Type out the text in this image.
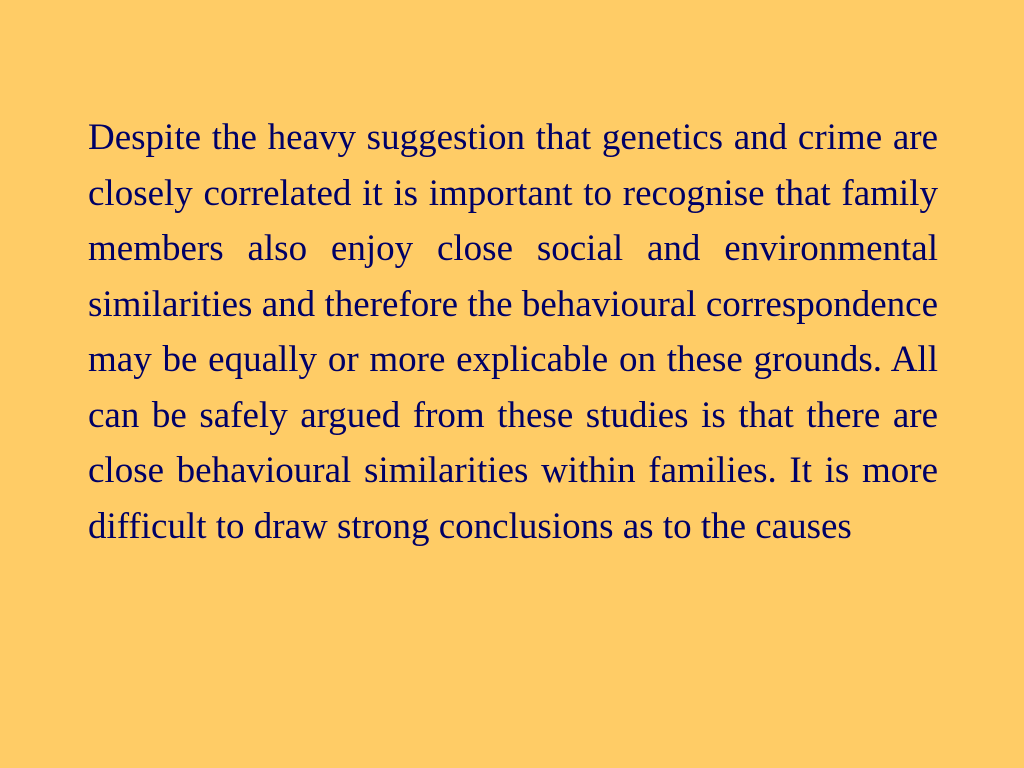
Despite the heavy suggestion that genetics and crime are closely correlated it is important to recognise that family members also enjoy close social and environmental similarities and therefore the behavioural correspondence may be equally or more explicable on these grounds. All can be safely argued from these studies is that there are close behavioural similarities within families. It is more difficult to draw strong conclusions as to the causes
